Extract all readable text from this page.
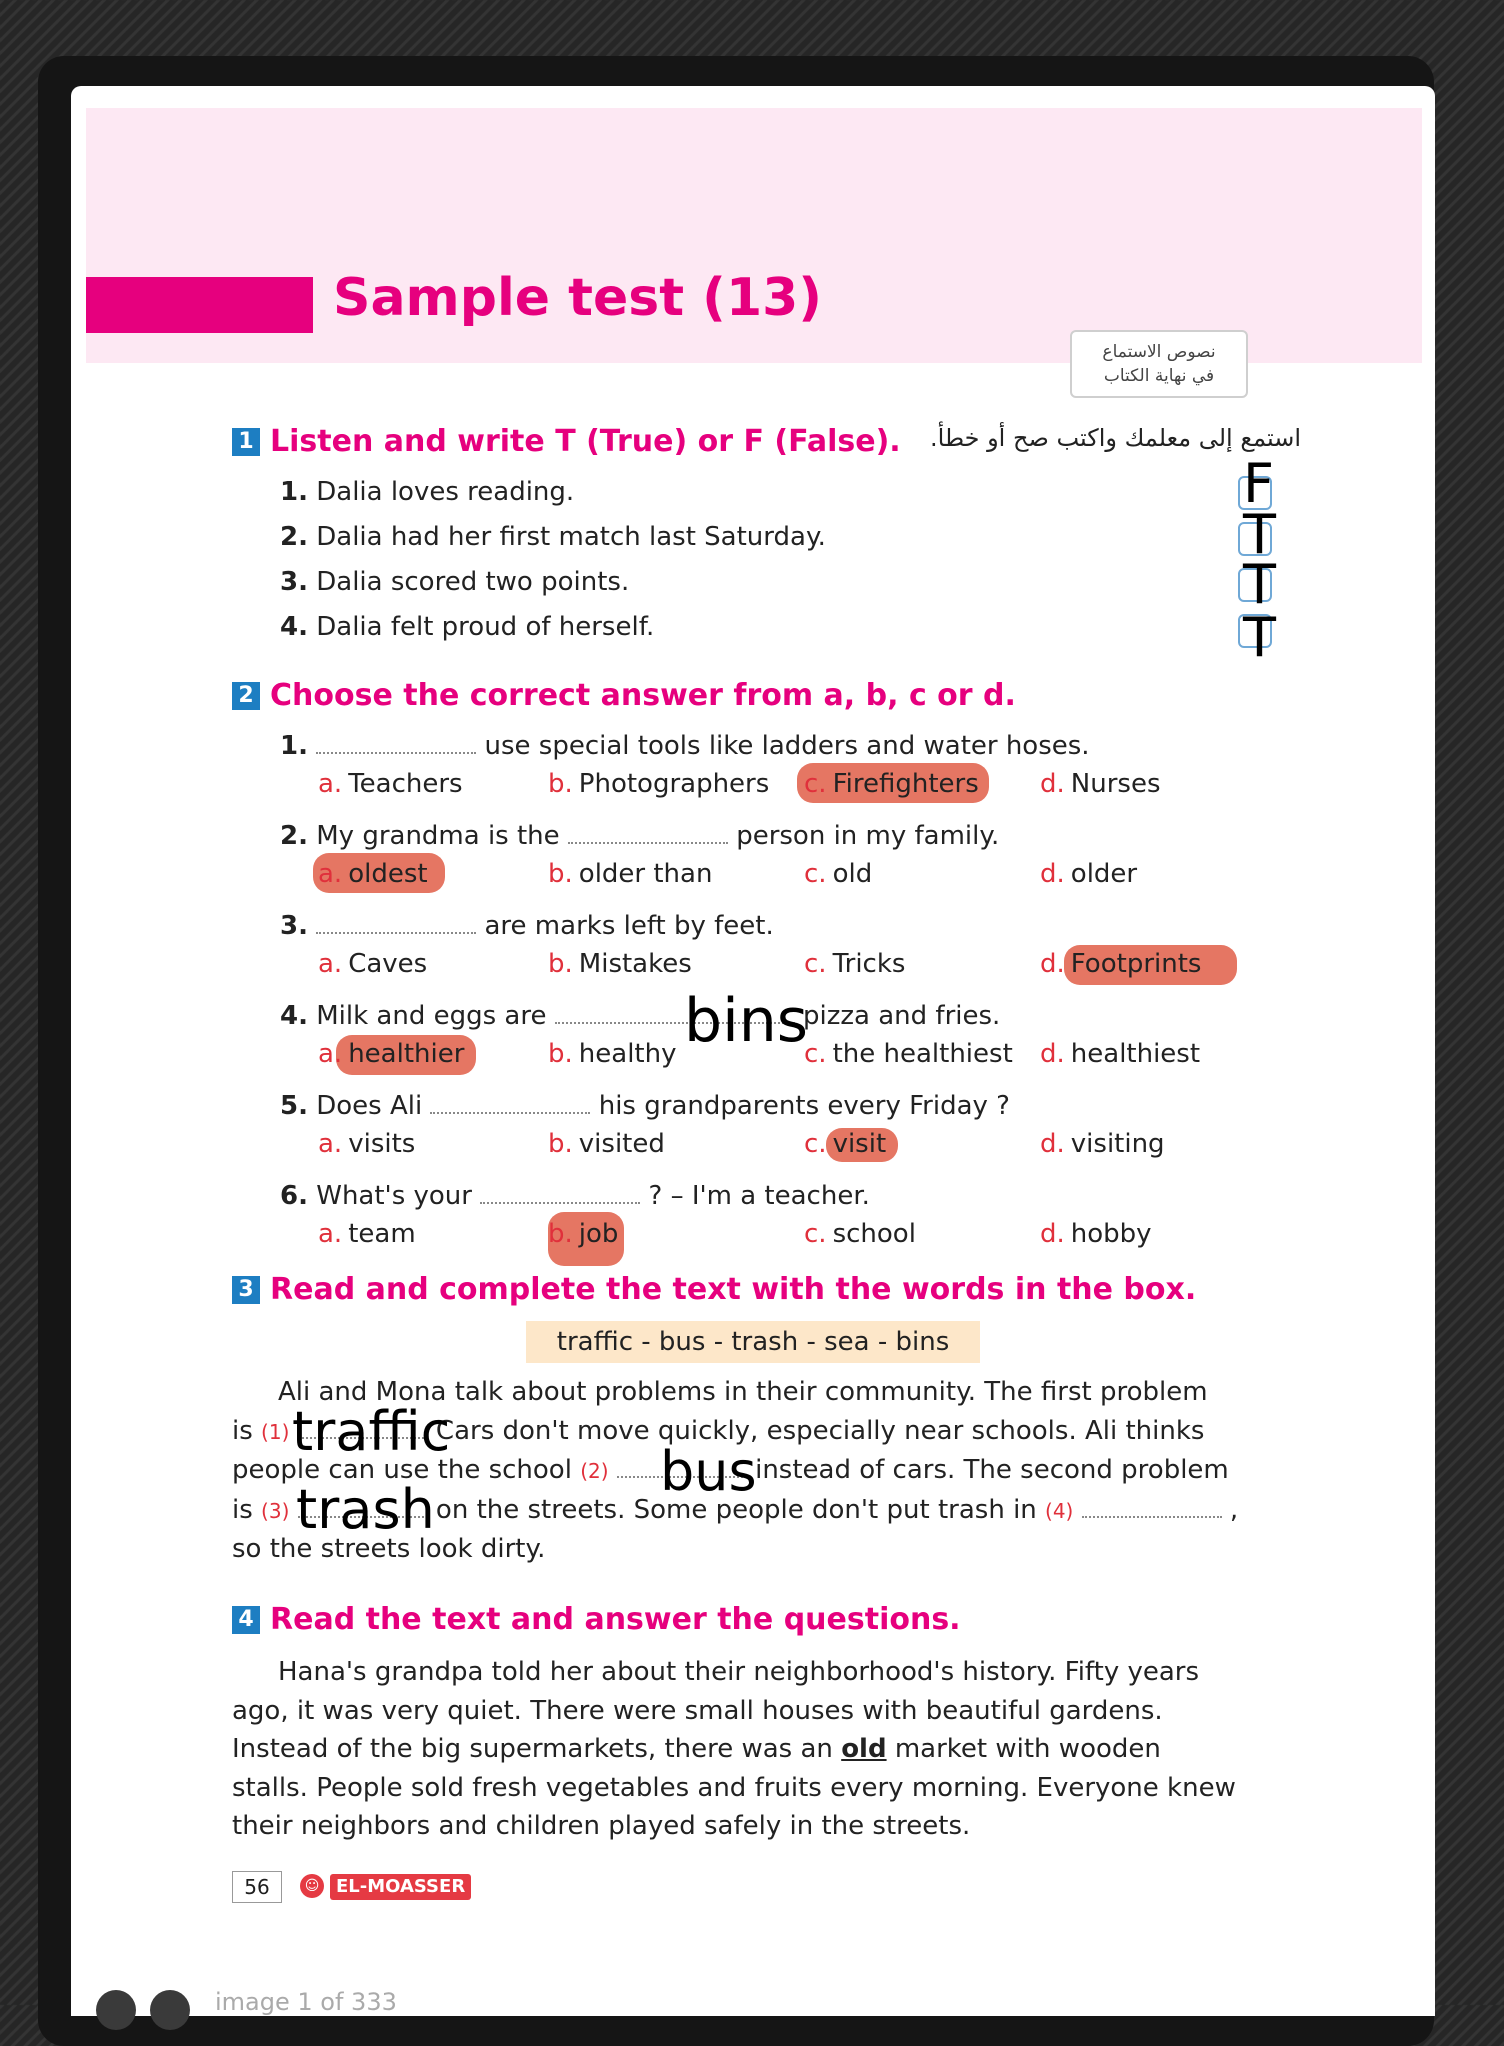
Sample test (13)
نصوص الاستماع
في نهاية الكتاب
1 Listen and write T (True) or F (False). استمع إلى معلمك واكتب صح أو خطأ.
1. Dalia loves reading.
2. Dalia had her first match last Saturday.
3. Dalia scored two points.
4. Dalia felt proud of herself.
F
T
T
T
2 Choose the correct answer from a, b, c or d.
1.	use special tools like ladders and water hoses.
a. Teachers	b. Photographers c. Firefighters d. Nurses
2. My grandma is the	person in my family.
a. oldest	b. older than	c. old	d. older
3.	are marks left by feet.
a. Caves	b. Mistakes	c. Tricks	d. Footprints
4. Milk and eggs are	pizza and fries.
bins
a. healthier	b. healthy	c. the healthiest d. healthiest
5. Does Ali	his grandparents every Friday ?
a. visits	b. visited	c. visit	d. visiting
6. What's your	? – I'm a teacher.
a. team	b. job	c. school	d. hobby
3 Read and complete the text with the words in the box.
traffic - bus - trash - sea - bins
Ali and Mona talk about problems in their community. The first problem
is (1)	Cars don't move quickly, especially near schools. Ali thinks
people can use the school (2)	instead of cars. The second problem
is (3)	on the streets. Some people don't put trash in (4)	,
so the streets look dirty.
traffic
bus
trash
4 Read the text and answer the questions.
Hana's grandpa told her about their neighborhood's history. Fifty years
ago, it was very quiet. There were small houses with beautiful gardens.
Instead of the big supermarkets, there was an old market with wooden
stalls. People sold fresh vegetables and fruits every morning. Everyone knew
their neighbors and children played safely in the streets.
56	☺ EL-MOASSER
image 1 of 333
